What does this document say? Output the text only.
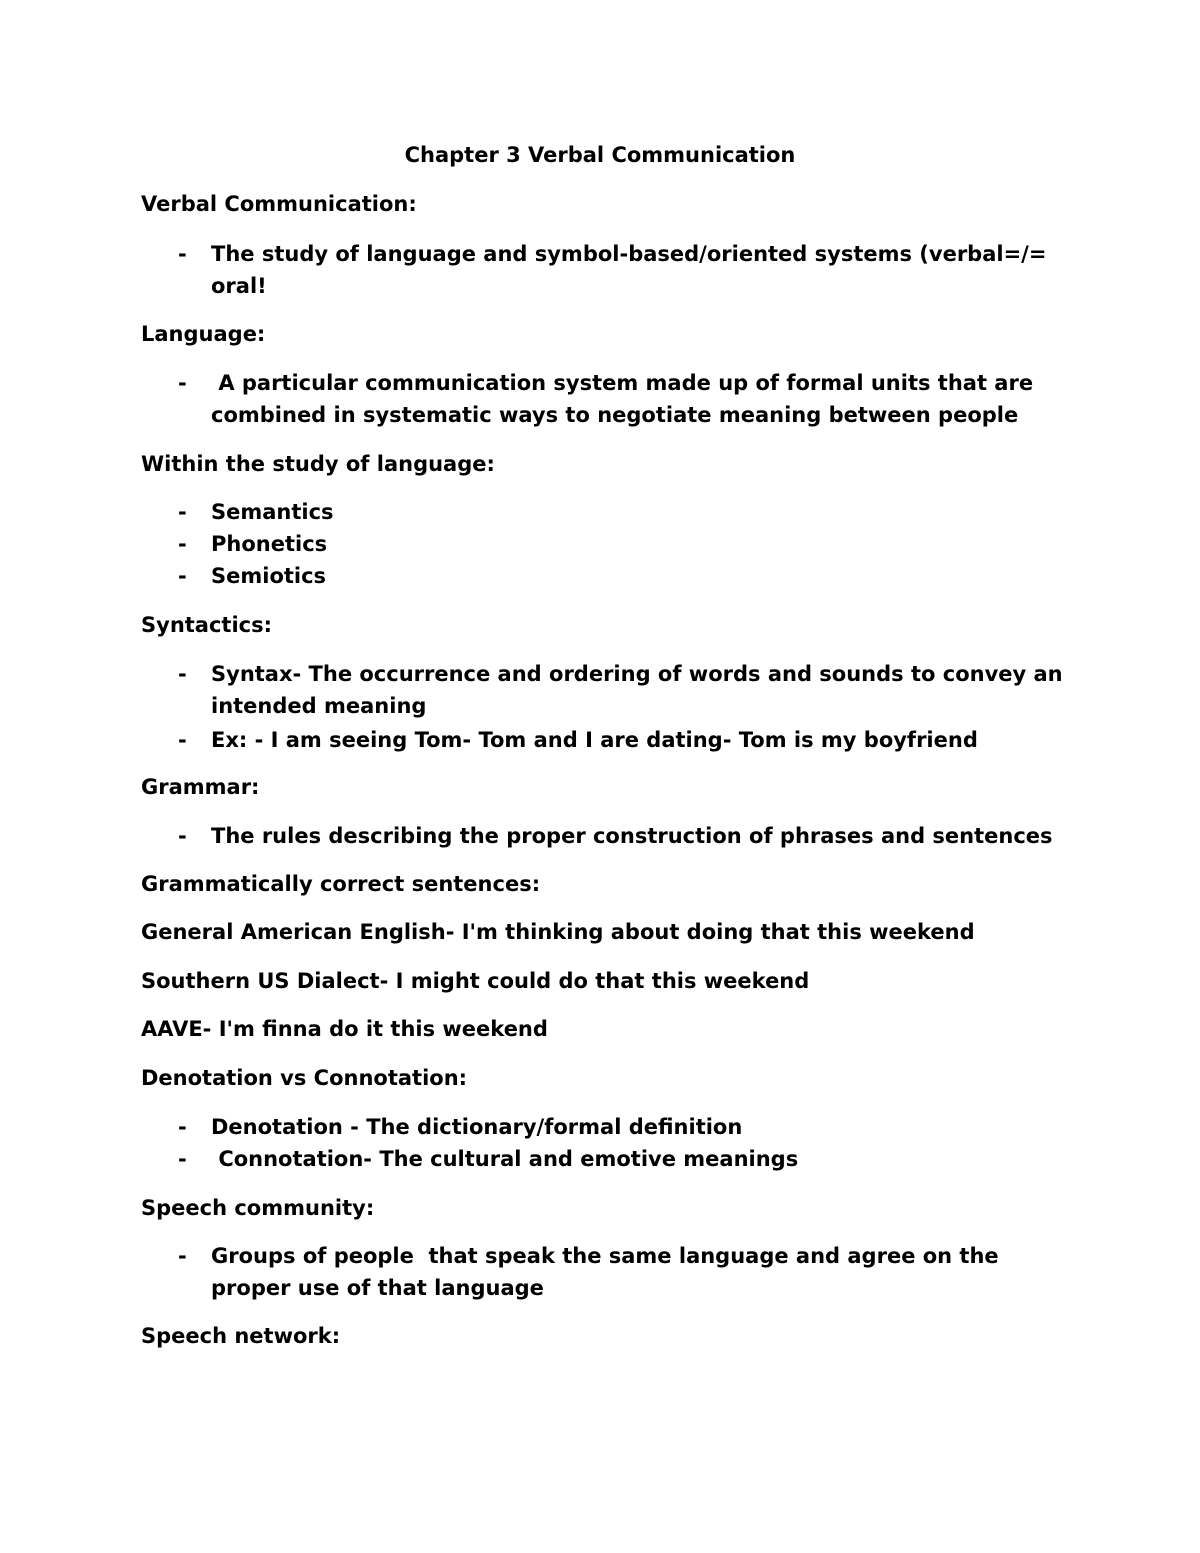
Chapter 3 Verbal Communication
Verbal Communication:
- The study of language and symbol-based/oriented systems (verbal=/= oral!
Language:
- A particular communication system made up of formal units that are combined in systematic ways to negotiate meaning between people
Within the study of language:
- Semantics
- Phonetics
- Semiotics
Syntactics:
- Syntax- The occurrence and ordering of words and sounds to convey an intended meaning
- Ex: - I am seeing Tom- Tom and I are dating- Tom is my boyfriend
Grammar:
- The rules describing the proper construction of phrases and sentences
Grammatically correct sentences:
General American English- I'm thinking about doing that this weekend
Southern US Dialect- I might could do that this weekend
AAVE- I'm finna do it this weekend
Denotation vs Connotation:
- Denotation - The dictionary/formal definition
- Connotation- The cultural and emotive meanings
Speech community:
- Groups of people  that speak the same language and agree on the proper use of that language
Speech network:
